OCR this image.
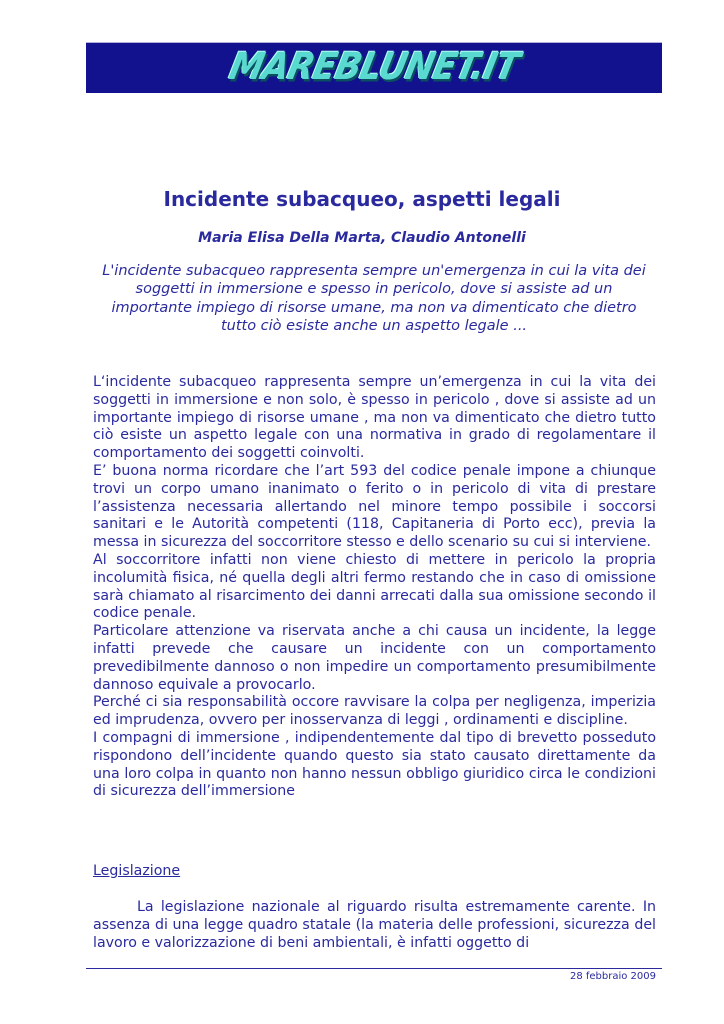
MAREBLUNET.IT
Incidente subacqueo, aspetti legali
Maria Elisa Della Marta, Claudio Antonelli

L'incidente subacqueo rappresenta sempre un'emergenza in cui la vita dei soggetti in immersione e spesso in pericolo, dove si assiste ad un importante impiego di risorse umane, ma non va dimenticato che dietro tutto ciò esiste anche un aspetto legale ...

L‘incidente subacqueo rappresenta sempre un’emergenza in cui la vita dei soggetti in immersione e non solo, è spesso in pericolo , dove si assiste ad un importante impiego di risorse umane , ma non va dimenticato che dietro tutto ciò esiste un aspetto legale con una normativa in grado di regolamentare il comportamento dei soggetti coinvolti.

E’ buona norma ricordare che l’art 593 del codice penale impone a chiunque trovi un corpo umano inanimato o ferito o in pericolo di vita di prestare l’assistenza necessaria allertando nel minore tempo possibile i soccorsi sanitari e le Autorità competenti (118, Capitaneria di Porto ecc), previa la messa in sicurezza del soccorritore stesso e dello scenario su cui si interviene.

Al soccorritore infatti non viene chiesto di mettere in pericolo la propria incolumità fisica, né quella degli altri fermo restando che in caso di omissione sarà chiamato al risarcimento dei danni arrecati dalla sua omissione secondo il codice penale.

Particolare attenzione va riservata anche a chi causa un incidente, la legge infatti prevede che causare un incidente con un comportamento prevedibilmente dannoso o non impedire un comportamento presumibilmente dannoso equivale a provocarlo.

Perché ci sia responsabilità occore ravvisare la colpa per negligenza, imperizia ed imprudenza, ovvero per inosservanza di leggi , ordinamenti e discipline.

I compagni di immersione , indipendentemente dal tipo di brevetto posseduto rispondono dell’incidente quando questo sia stato causato direttamente da una loro colpa in quanto non hanno nessun obbligo giuridico circa le condizioni di sicurezza dell’immersione

Legislazione

La legislazione nazionale al riguardo risulta estremamente carente. In assenza di una legge quadro statale (la materia delle professioni, sicurezza del lavoro e valorizzazione di beni ambientali, è infatti oggetto di

28 febbraio 2009
